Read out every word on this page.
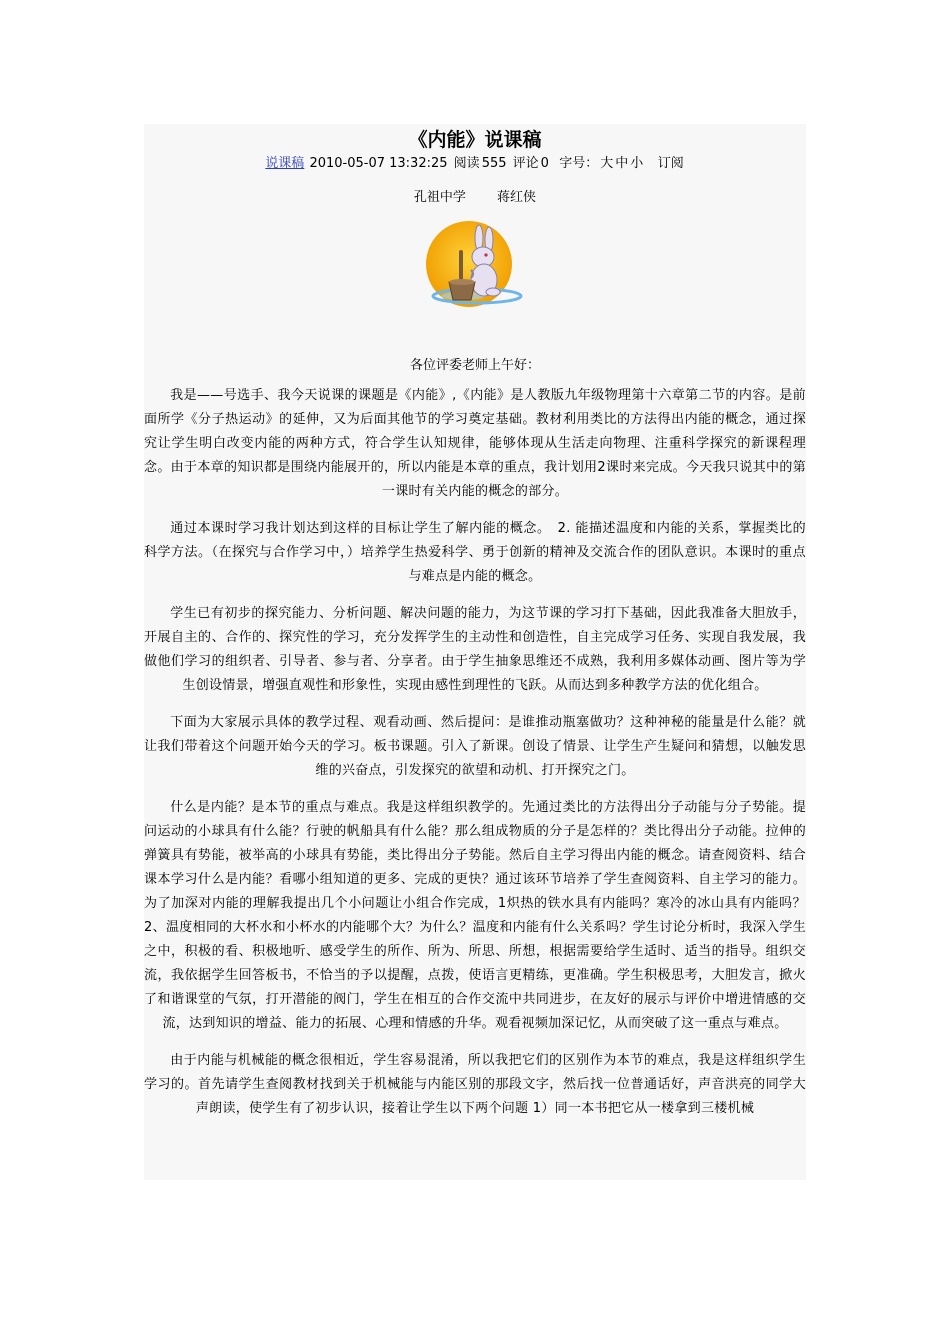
《内能》说课稿
说课稿 2010-05-07 13:32:25 阅读 555 评论 0 字号： 大 中 小 订阅
孔祖中学　 蒋红侠
各位评委老师上午好：

我是——号选手、我今天说课的课题是《内能》,《内能》是人教版九年级物理第十六章第二节的内容。是前面所学《分子热运动》的延伸，又为后面其他节的学习奠定基础。教材利用类比的方法得出内能的概念，通过探究让学生明白改变内能的两种方式，符合学生认知规律，能够体现从生活走向物理、注重科学探究的新课程理念。由于本章的知识都是围绕内能展开的，所以内能是本章的重点，我计划用2课时来完成。今天我只说其中的第一课时有关内能的概念的部分。

通过本课时学习我计划达到这样的目标让学生了解内能的概念。　2. 能描述温度和内能的关系，掌握类比的科学方法。（在探究与合作学习中，）培养学生热爱科学、勇于创新的精神及交流合作的团队意识。本课时的重点与难点是内能的概念。

学生已有初步的探究能力、分析问题、解决问题的能力，为这节课的学习打下基础，因此我准备大胆放手，开展自主的、合作的、探究性的学习，充分发挥学生的主动性和创造性，自主完成学习任务、实现自我发展，我做他们学习的组织者、引导者、参与者、分享者。由于学生抽象思维还不成熟，我利用多媒体动画、图片等为学生创设情景，增强直观性和形象性，实现由感性到理性的飞跃。从而达到多种教学方法的优化组合。

下面为大家展示具体的教学过程、观看动画、然后提问：是谁推动瓶塞做功？这种神秘的能量是什么能？就让我们带着这个问题开始今天的学习。板书课题。引入了新课。创设了情景、让学生产生疑问和猜想，以触发思维的兴奋点，引发探究的欲望和动机、打开探究之门。

什么是内能？是本节的重点与难点。我是这样组织教学的。先通过类比的方法得出分子动能与分子势能。提问运动的小球具有什么能？行驶的帆船具有什么能？那么组成物质的分子是怎样的？类比得出分子动能。拉伸的弹簧具有势能，被举高的小球具有势能，类比得出分子势能。然后自主学习得出内能的概念。请查阅资料、结合课本学习什么是内能？看哪小组知道的更多、完成的更快？通过该环节培养了学生查阅资料、自主学习的能力。为了加深对内能的理解我提出几个小问题让小组合作完成，1炽热的铁水具有内能吗？寒冷的冰山具有内能吗？2、温度相同的大杯水和小杯水的内能哪个大？为什么？温度和内能有什么关系吗？学生讨论分析时，我深入学生之中，积极的看、积极地听、感受学生的所作、所为、所思、所想，根据需要给学生适时、适当的指导。组织交流，我依据学生回答板书，不恰当的予以提醒，点拨，使语言更精练，更准确。学生积极思考，大胆发言，掀火了和谐课堂的气氛，打开潜能的阀门，学生在相互的合作交流中共同进步，在友好的展示与评价中增进情感的交流，达到知识的增益、能力的拓展、心理和情感的升华。观看视频加深记忆，从而突破了这一重点与难点。

由于内能与机械能的概念很相近，学生容易混淆，所以我把它们的区别作为本节的难点，我是这样组织学生学习的。首先请学生查阅教材找到关于机械能与内能区别的那段文字，然后找一位普通话好，声音洪亮的同学大声朗读，使学生有了初步认识，接着让学生以下两个问题 1）同一本书把它从一楼拿到三楼机械
